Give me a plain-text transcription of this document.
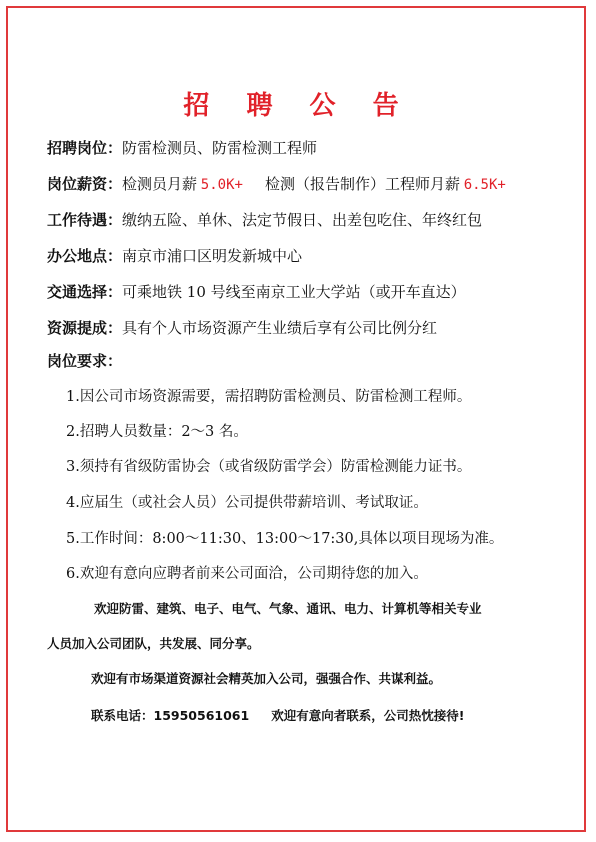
招 聘 公 告
招聘岗位：防雷检测员、防雷检测工程师
岗位薪资：检测员月薪 5.0K+ 检测（报告制作）工程师月薪 6.5K+
工作待遇：缴纳五险、单休、法定节假日、出差包吃住、年终红包
办公地点：南京市浦口区明发新城中心
交通选择：可乘地铁 10 号线至南京工业大学站（或开车直达）
资源提成：具有个人市场资源产生业绩后享有公司比例分红
岗位要求：
1.因公司市场资源需要，需招聘防雷检测员、防雷检测工程师。
2.招聘人员数量：2～3 名。
3.须持有省级防雷协会（或省级防雷学会）防雷检测能力证书。
4.应届生（或社会人员）公司提供带薪培训、考试取证。
5.工作时间：8:00～11:30、13:00～17:30,具体以项目现场为准。
6.欢迎有意向应聘者前来公司面洽，公司期待您的加入。
欢迎防雷、建筑、电子、电气、气象、通讯、电力、计算机等相关专业
人员加入公司团队，共发展、同分享。
欢迎有市场渠道资源社会精英加入公司，强强合作、共谋利益。
联系电话：15950561061 欢迎有意向者联系，公司热忱接待!
